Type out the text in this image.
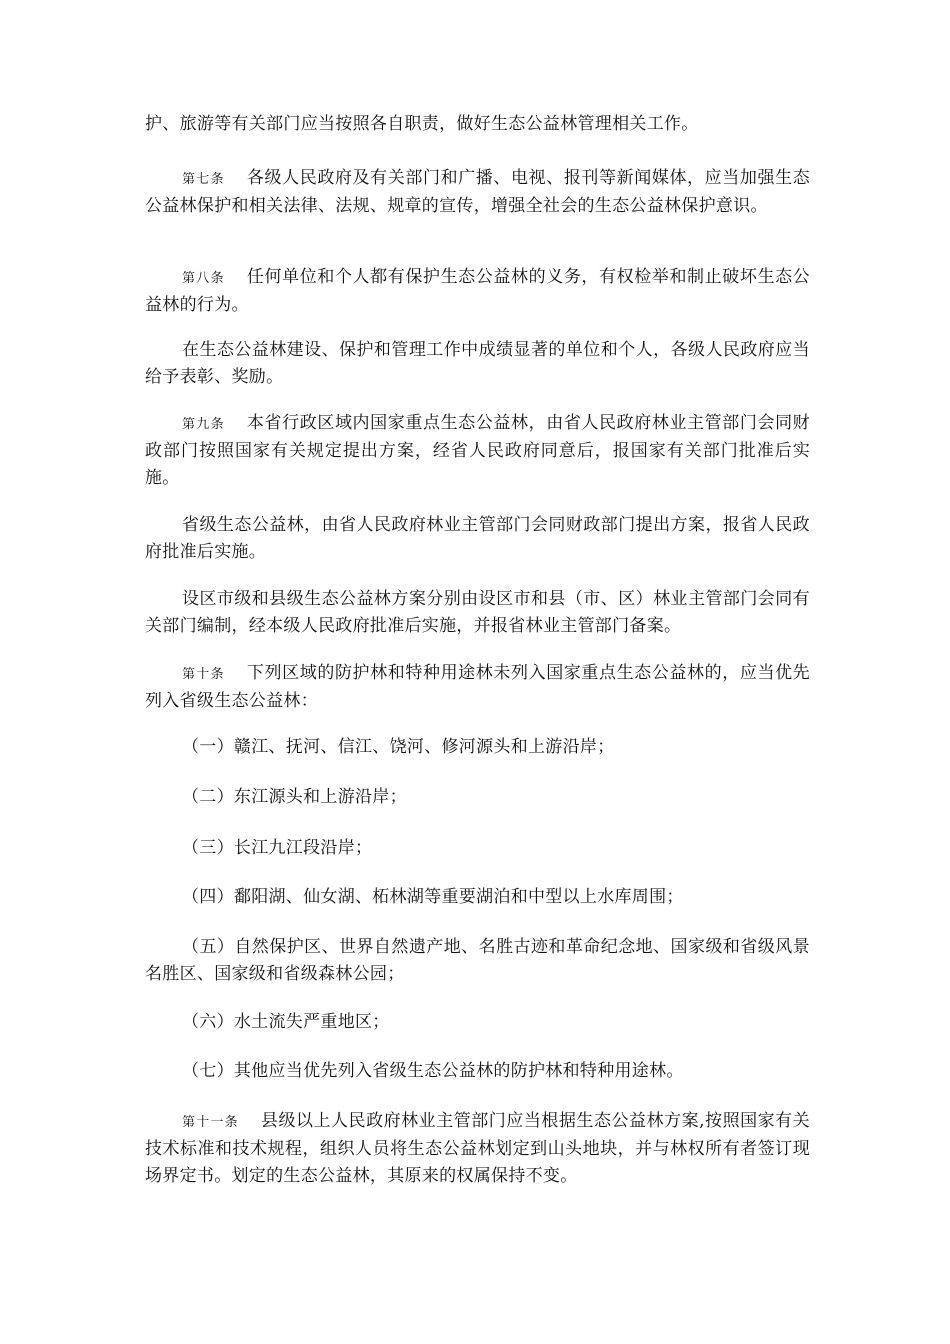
护、旅游等有关部门应当按照各自职责，做好生态公益林管理相关工作。

第七条 各级人民政府及有关部门和广播、电视、报刊等新闻媒体，应当加强生态公益林保护和相关法律、法规、规章的宣传，增强全社会的生态公益林保护意识。

第八条 任何单位和个人都有保护生态公益林的义务，有权检举和制止破坏生态公益林的行为。

在生态公益林建设、保护和管理工作中成绩显著的单位和个人，各级人民政府应当给予表彰、奖励。

第九条 本省行政区域内国家重点生态公益林，由省人民政府林业主管部门会同财政部门按照国家有关规定提出方案，经省人民政府同意后，报国家有关部门批准后实施。

省级生态公益林，由省人民政府林业主管部门会同财政部门提出方案，报省人民政府批准后实施。

设区市级和县级生态公益林方案分别由设区市和县（市、区）林业主管部门会同有关部门编制，经本级人民政府批准后实施，并报省林业主管部门备案。

第十条 下列区域的防护林和特种用途林未列入国家重点生态公益林的，应当优先列入省级生态公益林：

（一）赣江、抚河、信江、饶河、修河源头和上游沿岸；

（二）东江源头和上游沿岸；

（三）长江九江段沿岸；

（四）鄱阳湖、仙女湖、柘林湖等重要湖泊和中型以上水库周围；

（五）自然保护区、世界自然遗产地、名胜古迹和革命纪念地、国家级和省级风景名胜区、国家级和省级森林公园；

（六）水土流失严重地区；

（七）其他应当优先列入省级生态公益林的防护林和特种用途林。

第十一条 县级以上人民政府林业主管部门应当根据生态公益林方案,按照国家有关技术标准和技术规程，组织人员将生态公益林划定到山头地块，并与林权所有者签订现场界定书。划定的生态公益林，其原来的权属保持不变。
